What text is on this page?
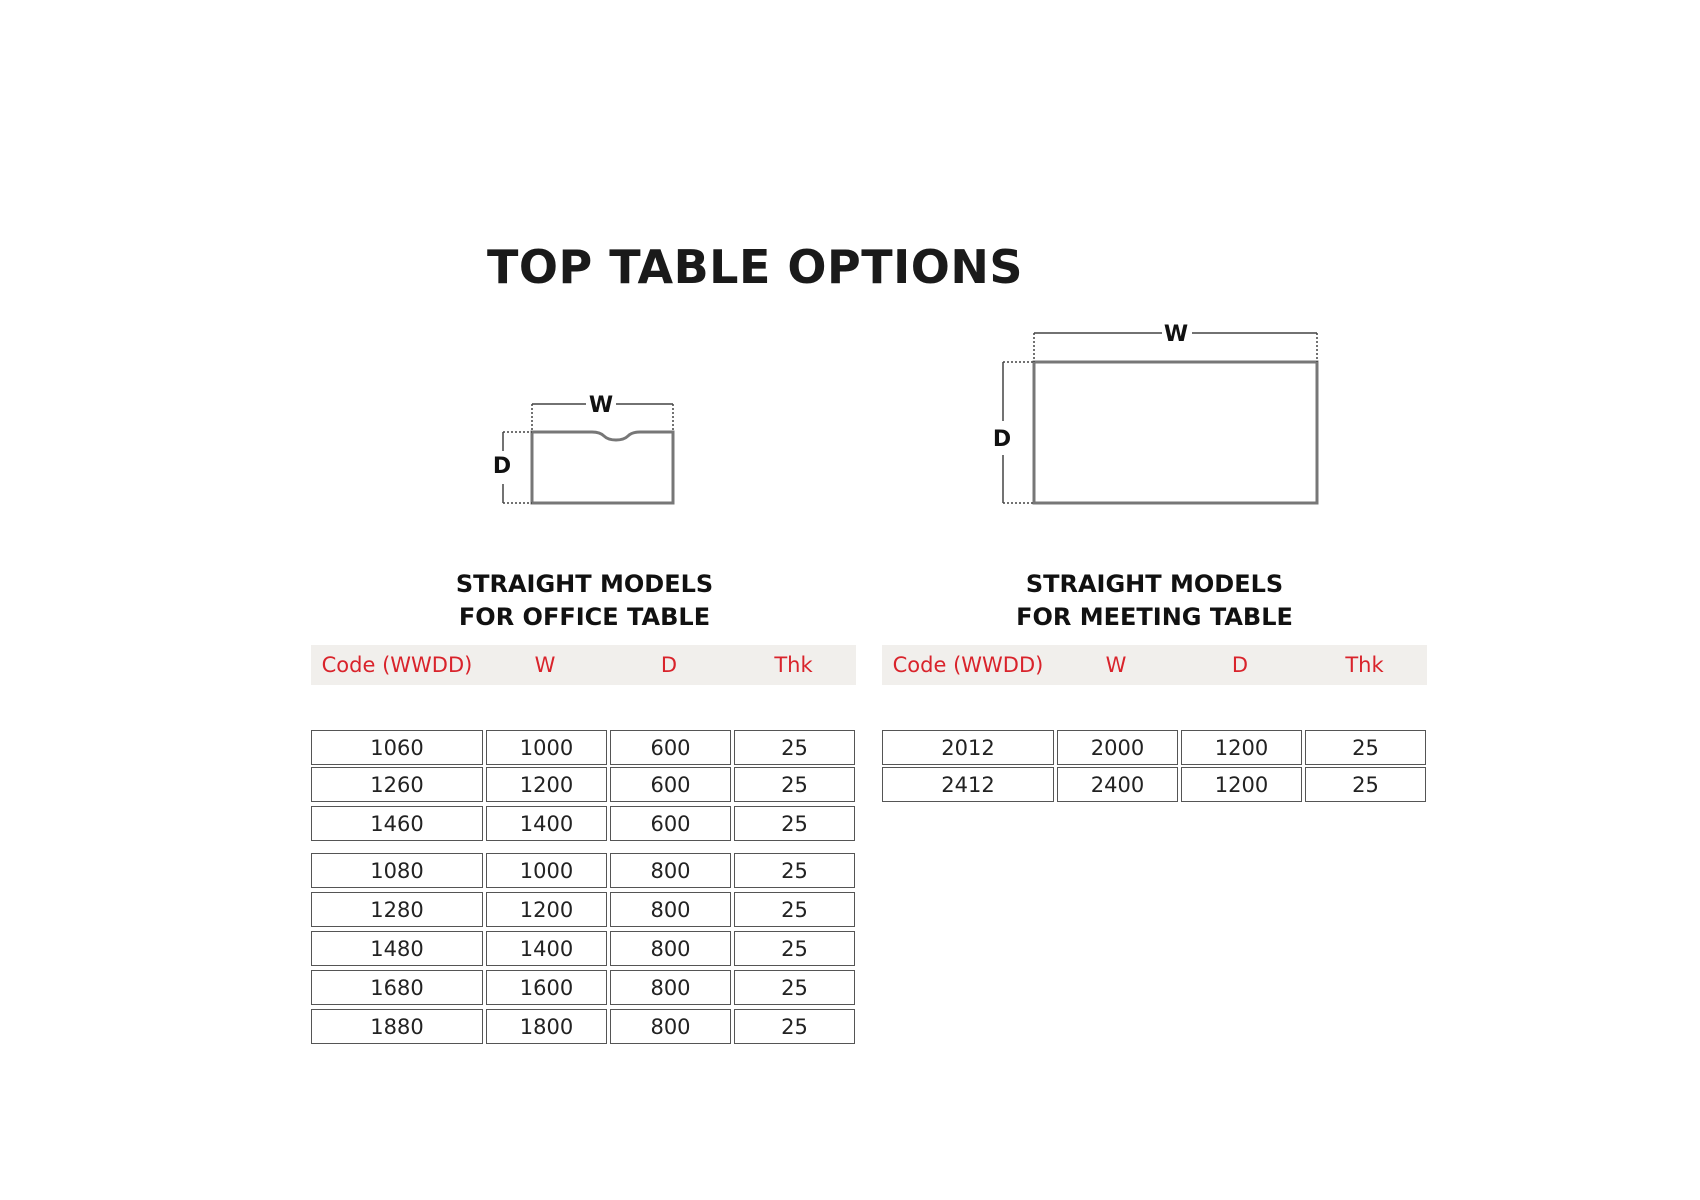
TOP TABLE OPTIONS
W
D
W
D
STRAIGHT MODELS
FOR OFFICE TABLE
Code (WWDD)	W	D	Thk
1060	1000	600	25
1260	1200	600	25
1460	1400	600	25
1080	1000	800	25
1280	1200	800	25
1480	1400	800	25
1680	1600	800	25
1880	1800	800	25
STRAIGHT MODELS
FOR MEETING TABLE
Code (WWDD)	W	D	Thk
2012	2000	1200	25
2412	2400	1200	25
